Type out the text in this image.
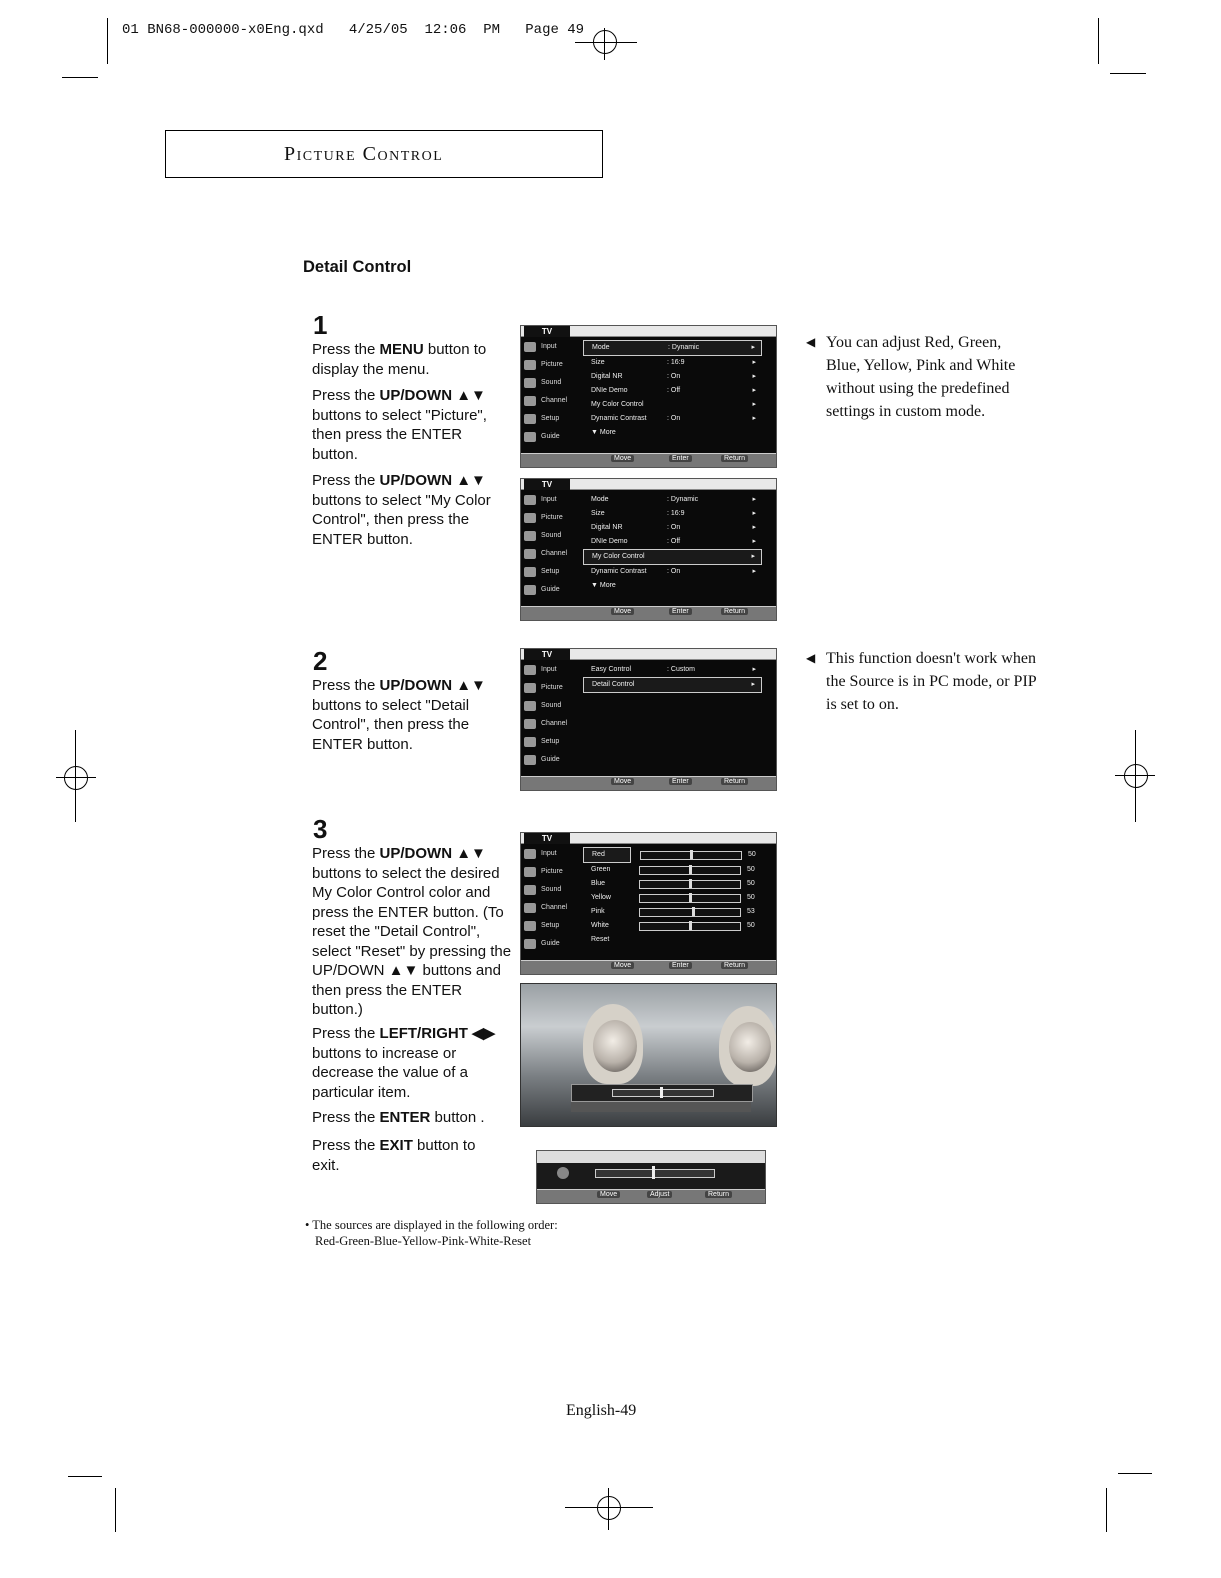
01 BN68-000000-x0Eng.qxd   4/25/05  12:06  PM   Page 49
Picture Control
Detail Control
1
Press the MENU button to display the menu.
Press the UP/DOWN ▲▼ buttons to select "Picture", then press the ENTER button.
Press the UP/DOWN ▲▼ buttons to select "My Color Control", then press the ENTER button.
TV
Input
Picture
Sound
Channel
Setup
Guide
Mode	: Dynamic	▸
Size	: 16:9	▸
Digital NR	: On	▸
DNIe Demo	: Off	▸
My Color Control	▸
Dynamic Contrast	: On	▸
▼ More
Move	Enter	Return
TV
Input
Picture
Sound
Channel
Setup
Guide
Mode	: Dynamic	▸
Size	: 16:9	▸
Digital NR	: On	▸
DNIe Demo	: Off	▸
My Color Control	▸
Dynamic Contrast	: On	▸
▼ More
Move	Enter	Return
◀ You can adjust Red, Green, Blue, Yellow, Pink and White without using the predefined settings in custom mode.
2
Press the UP/DOWN ▲▼ buttons to select "Detail Control", then press the ENTER button.
TV
Input
Picture
Sound
Channel
Setup
Guide
Easy Control	: Custom	▸
Detail Control	▸
Move	Enter	Return
◀ This function doesn't work when the Source is in PC mode, or PIP is set to on.
3
Press the UP/DOWN ▲▼ buttons to select the desired My Color Control color and press the ENTER button. (To reset the "Detail Control", select "Reset" by pressing the UP/DOWN ▲▼ buttons and then press the ENTER button.)
Press the LEFT/RIGHT ◀▶ buttons to increase or decrease the value of a particular item.
Press the ENTER button .
Press the EXIT button to exit.
TV
Input
Picture
Sound
Channel
Setup
Guide
Red	50
Green	50
Blue	50
Yellow	50
Pink	53
White	50
Reset
Move	Enter	Return
Move	Adjust	Return
• The sources are displayed in the following order:
Red-Green-Blue-Yellow-Pink-White-Reset
English-49
